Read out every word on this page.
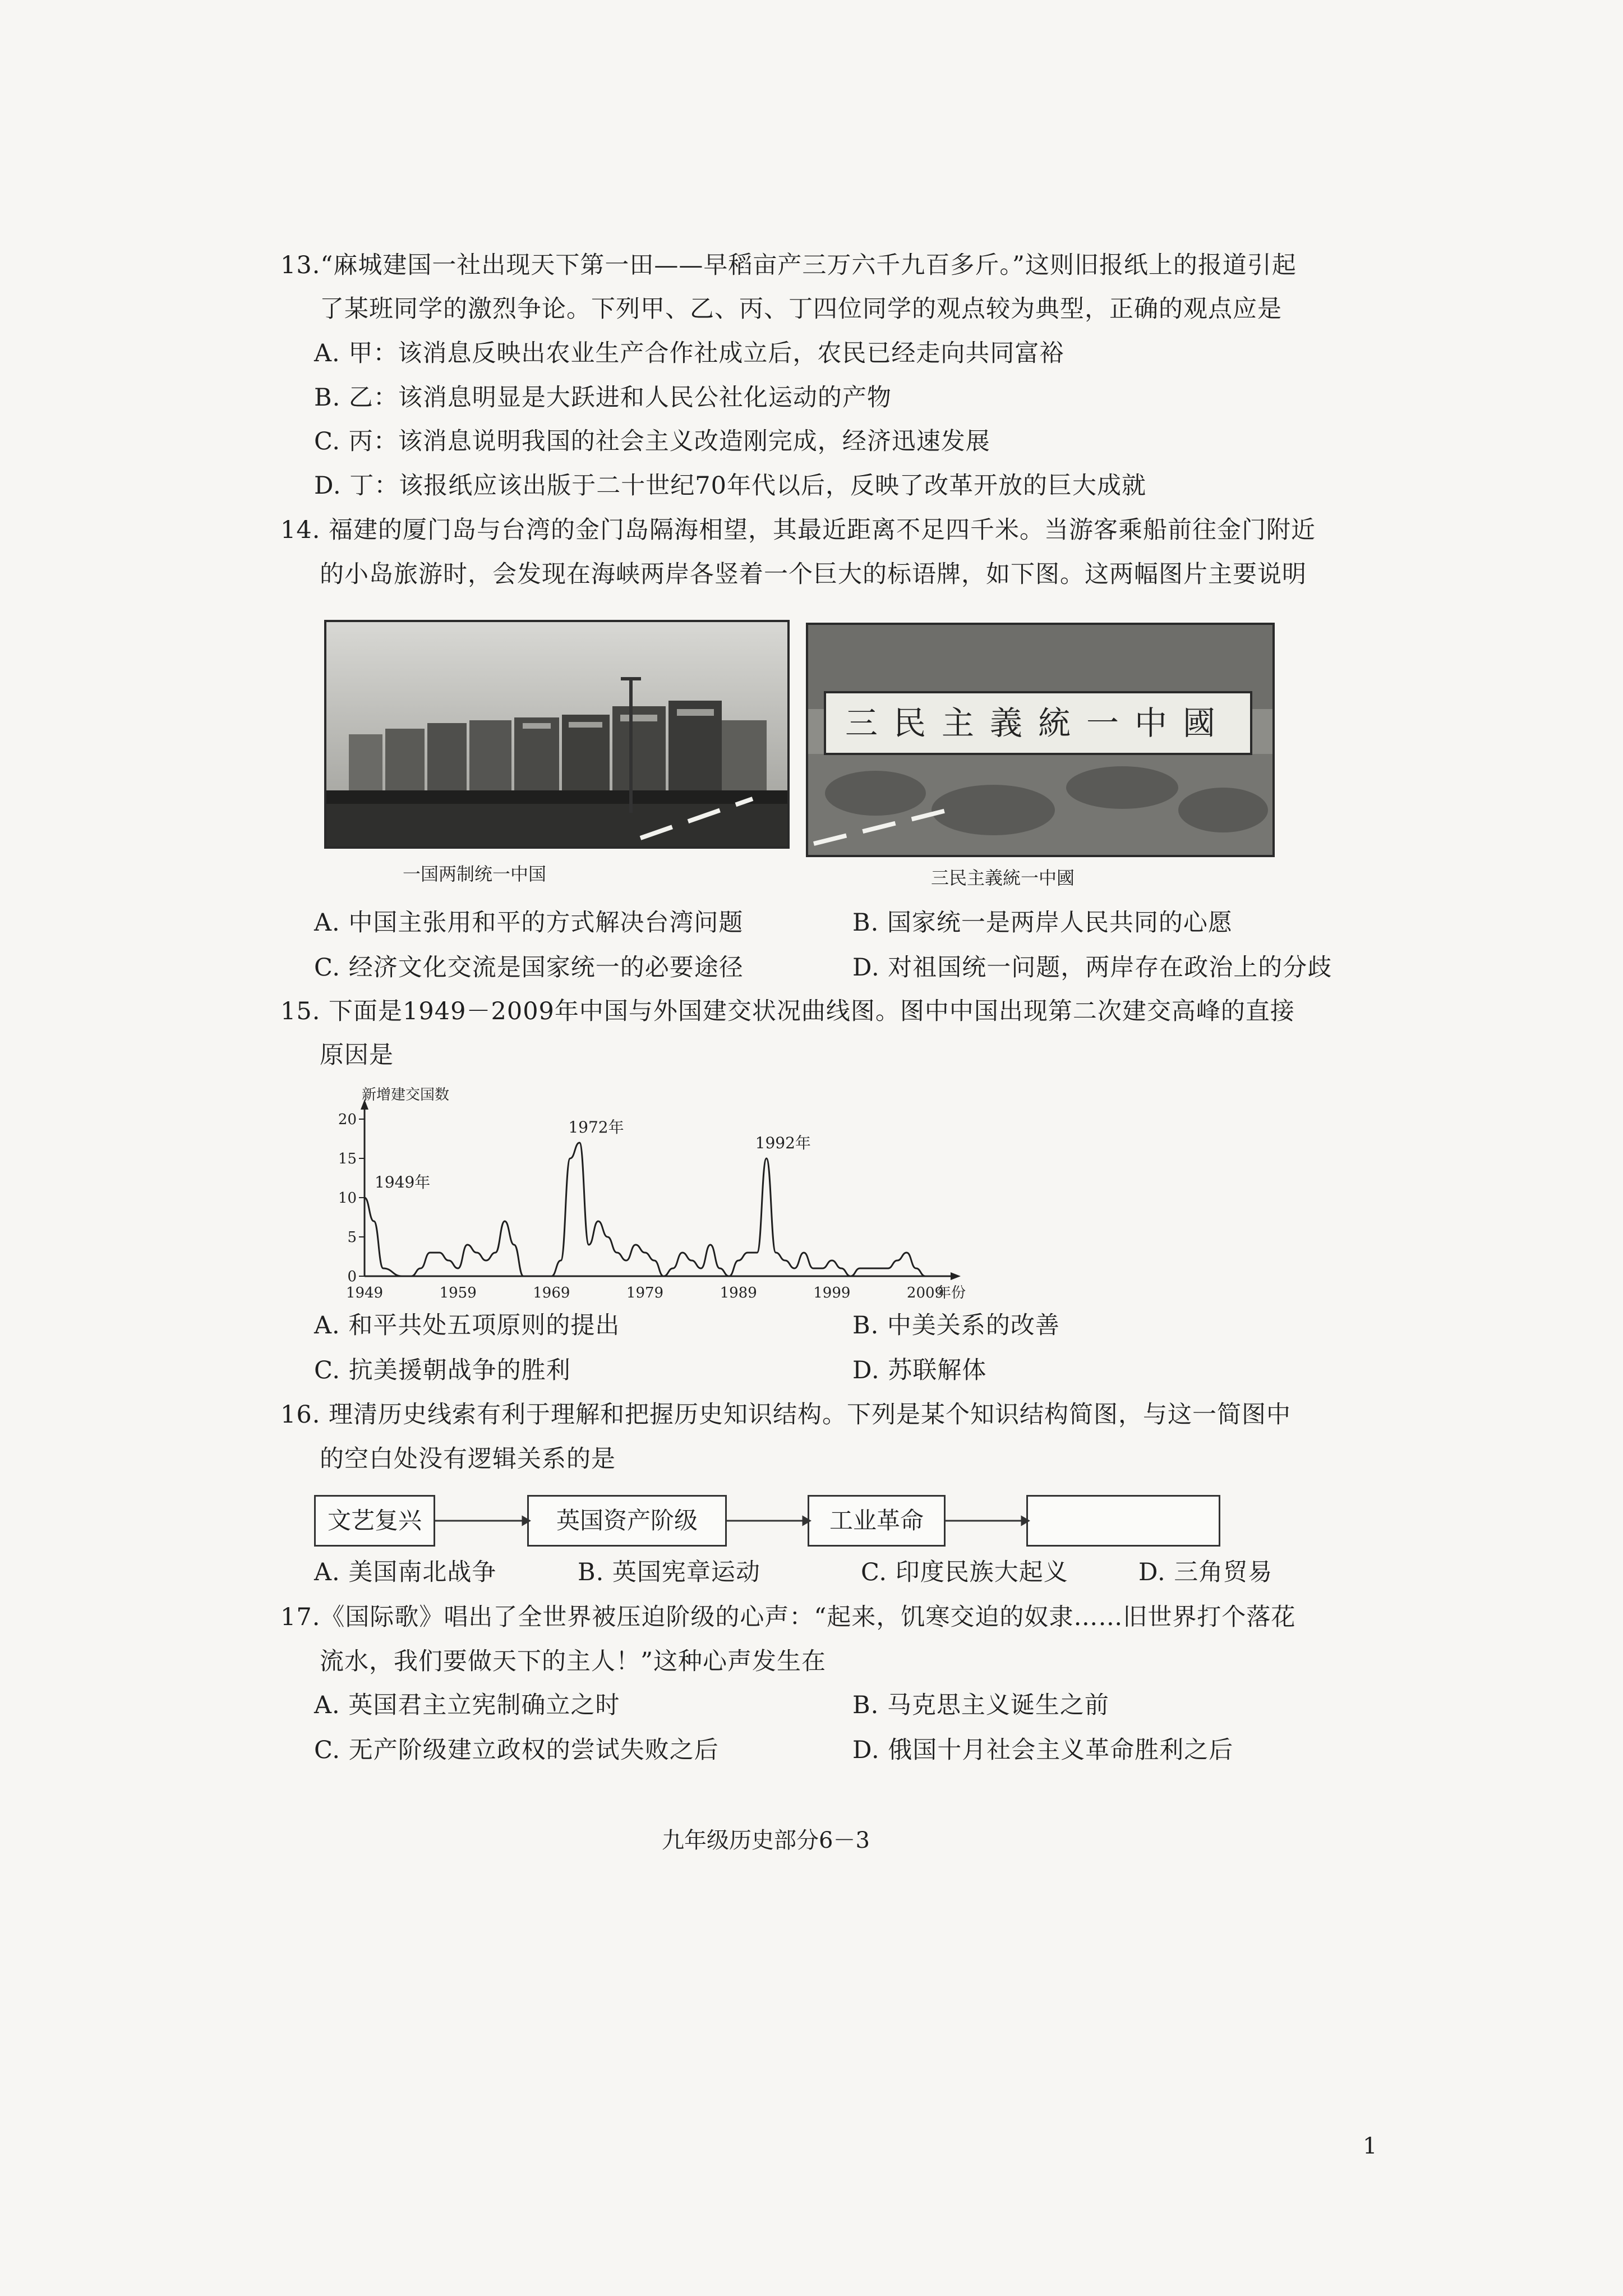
13.“麻城建国一社出现天下第一田——早稻亩产三万六千九百多斤。”这则旧报纸上的报道引起
了某班同学的激烈争论。下列甲、乙、丙、丁四位同学的观点较为典型，正确的观点应是
A. 甲：该消息反映出农业生产合作社成立后，农民已经走向共同富裕
B. 乙：该消息明显是大跃进和人民公社化运动的产物
C. 丙：该消息说明我国的社会主义改造刚完成，经济迅速发展
D. 丁：该报纸应该出版于二十世纪70年代以后，反映了改革开放的巨大成就
14. 福建的厦门岛与台湾的金门岛隔海相望，其最近距离不足四千米。当游客乘船前往金门附近
的小岛旅游时，会发现在海峡两岸各竖着一个巨大的标语牌，如下图。这两幅图片主要说明
一国两制统一中国
三民主義統一中國
三民主義統一中國
A. 中国主张用和平的方式解决台湾问题	B. 国家统一是两岸人民共同的心愿
C. 经济文化交流是国家统一的必要途径	D. 对祖国统一问题，两岸存在政治上的分歧
15. 下面是1949－2009年中国与外国建交状况曲线图。图中中国出现第二次建交高峰的直接
原因是
新增建交国数
0
5
10
15
20
1949	1959	1969	1979	1989	1999	2009
年份
1949年
1972年
1992年
A. 和平共处五项原则的提出	B. 中美关系的改善
C. 抗美援朝战争的胜利	D. 苏联解体
16. 理清历史线索有利于理解和把握历史知识结构。下列是某个知识结构简图，与这一简图中
的空白处没有逻辑关系的是
文艺复兴	英国资产阶级	工业革命
A. 美国南北战争	B. 英国宪章运动	C. 印度民族大起义	D. 三角贸易
17.《国际歌》唱出了全世界被压迫阶级的心声：“起来，饥寒交迫的奴隶……旧世界打个落花
流水，我们要做天下的主人！”这种心声发生在
A. 英国君主立宪制确立之时	B. 马克思主义诞生之前
C. 无产阶级建立政权的尝试失败之后	D. 俄国十月社会主义革命胜利之后
九年级历史部分6－3
1
